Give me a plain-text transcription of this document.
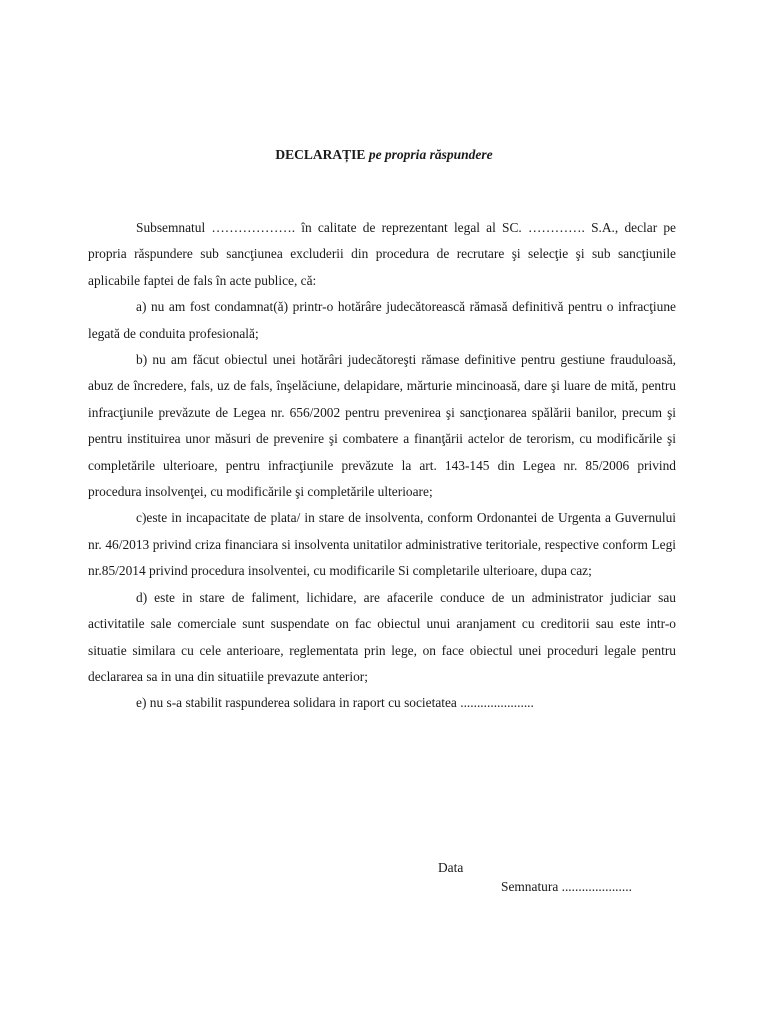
DECLARAȚIE pe propria răspundere

Subsemnatul ………………. în calitate de reprezentant legal al SC. …………. S.A., declar pe propria răspundere sub sancţiunea excluderii din procedura de recrutare şi selecţie şi sub sancţiunile aplicabile faptei de fals în acte publice, că:

a) nu am fost condamnat(ă) printr-o hotărâre judecătorească rămasă definitivă pentru o infracţiune legată de conduita profesională;

b) nu am făcut obiectul unei hotărâri judecătoreşti rămase definitive pentru gestiune frauduloasă, abuz de încredere, fals, uz de fals, înşelăciune, delapidare, mărturie mincinoasă, dare şi luare de mită, pentru infracţiunile prevăzute de Legea nr. 656/2002 pentru prevenirea şi sancţionarea spălării banilor, precum şi pentru instituirea unor măsuri de prevenire şi combatere a finanţării actelor de terorism, cu modificările şi completările ulterioare, pentru infracţiunile prevăzute la art. 143-145 din Legea nr. 85/2006 privind procedura insolvenţei, cu modificările şi completările ulterioare;

c)este in incapacitate de plata/ in stare de insolventa, conform Ordonantei de Urgenta a Guvernului nr. 46/2013 privind criza financiara si insolventa unitatilor administrative teritoriale, respective conform Legi nr.85/2014 privind procedura insolventei, cu modificarile Si completarile ulterioare, dupa caz;

d) este in stare de faliment, lichidare, are afacerile conduce de un administrator judiciar sau activitatile sale comerciale sunt suspendate on fac obiectul unui aranjament cu creditorii sau este intr-o situatie similara cu cele anterioare, reglementata prin lege, on face obiectul unei proceduri legale pentru declararea sa in una din situatiile prevazute anterior;

e) nu s-a stabilit raspunderea solidara in raport cu societatea ......................

Data
Semnatura .....................
